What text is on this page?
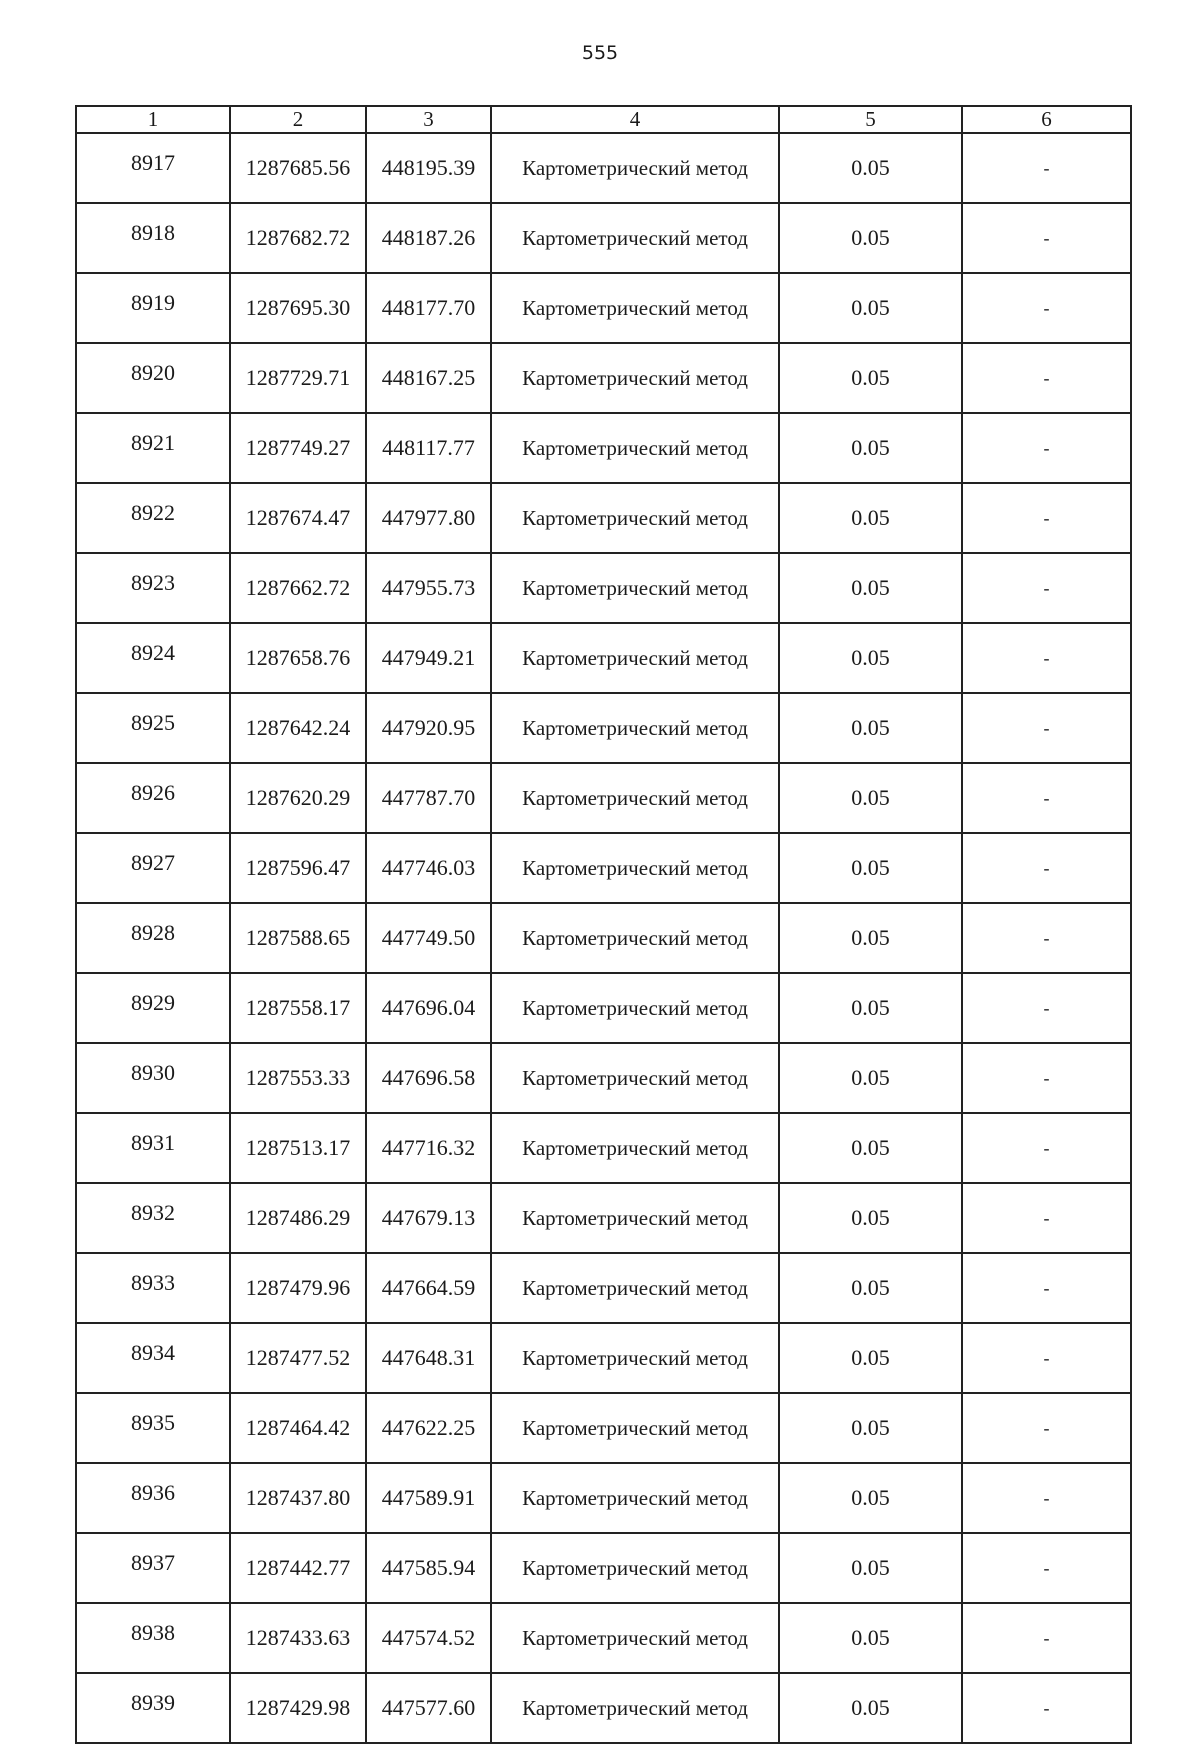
555
1	2	3	4	5	6
8917	1287685.56	448195.39	Картометрический метод	0.05	-
8918	1287682.72	448187.26	Картометрический метод	0.05	-
8919	1287695.30	448177.70	Картометрический метод	0.05	-
8920	1287729.71	448167.25	Картометрический метод	0.05	-
8921	1287749.27	448117.77	Картометрический метод	0.05	-
8922	1287674.47	447977.80	Картометрический метод	0.05	-
8923	1287662.72	447955.73	Картометрический метод	0.05	-
8924	1287658.76	447949.21	Картометрический метод	0.05	-
8925	1287642.24	447920.95	Картометрический метод	0.05	-
8926	1287620.29	447787.70	Картометрический метод	0.05	-
8927	1287596.47	447746.03	Картометрический метод	0.05	-
8928	1287588.65	447749.50	Картометрический метод	0.05	-
8929	1287558.17	447696.04	Картометрический метод	0.05	-
8930	1287553.33	447696.58	Картометрический метод	0.05	-
8931	1287513.17	447716.32	Картометрический метод	0.05	-
8932	1287486.29	447679.13	Картометрический метод	0.05	-
8933	1287479.96	447664.59	Картометрический метод	0.05	-
8934	1287477.52	447648.31	Картометрический метод	0.05	-
8935	1287464.42	447622.25	Картометрический метод	0.05	-
8936	1287437.80	447589.91	Картометрический метод	0.05	-
8937	1287442.77	447585.94	Картометрический метод	0.05	-
8938	1287433.63	447574.52	Картометрический метод	0.05	-
8939	1287429.98	447577.60	Картометрический метод	0.05	-
